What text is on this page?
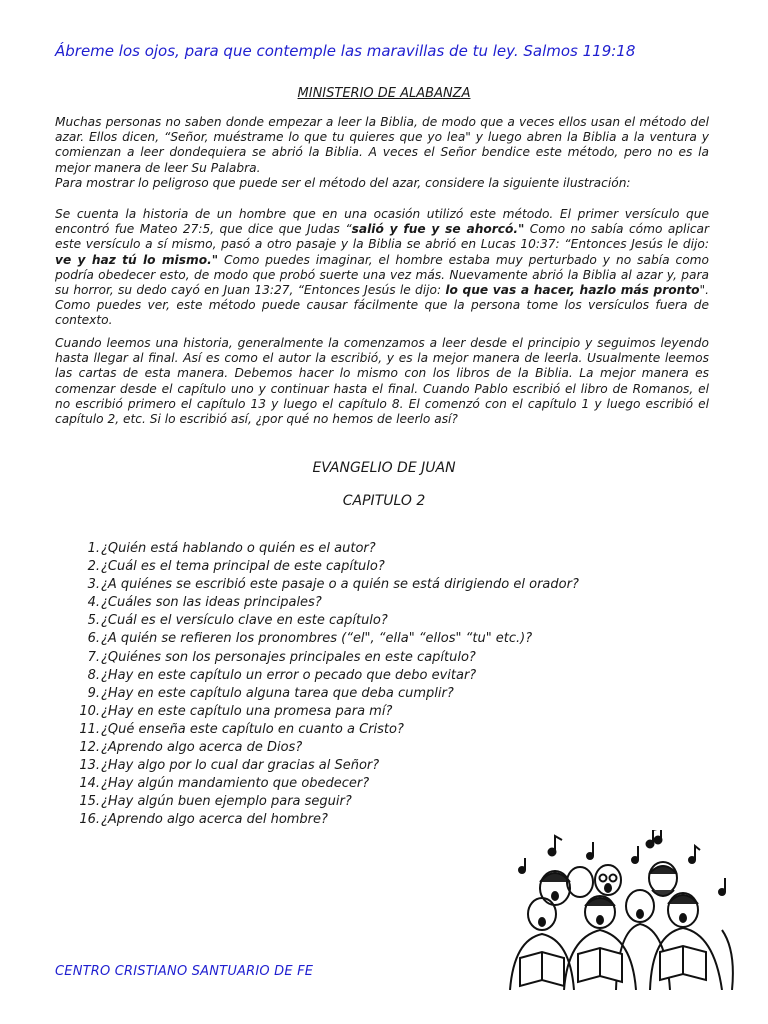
Ábreme los ojos, para que contemple las maravillas de tu ley. Salmos 119:18
MINISTERIO DE ALABANZA

Muchas personas no saben donde empezar a leer la Biblia, de modo que a veces ellos usan el método del azar. Ellos dicen, “Señor, muéstrame lo que tu quieres que yo lea" y luego abren la Biblia a la ventura y comienzan a leer dondequiera se abrió la Biblia. A veces el Señor bendice este método, pero no es la mejor manera de leer Su Palabra.
Para mostrar lo peligroso que puede ser el método del azar, considere la siguiente ilustración:

Se cuenta la historia de un hombre que en una ocasión utilizó este método. El primer versículo que encontró fue Mateo 27:5, que dice que Judas “salió y fue y se ahorcó." Como no sabía cómo aplicar este versículo a sí mismo, pasó a otro pasaje y la Biblia se abrió en Lucas 10:37: “Entonces Jesús le dijo: ve y haz tú lo mismo." Como puedes imaginar, el hombre estaba muy perturbado y no sabía como podría obedecer esto, de modo que probó suerte una vez más. Nuevamente abrió la Biblia al azar y, para su horror, su dedo cayó en Juan 13:27, “Entonces Jesús le dijo: lo que vas a hacer, hazlo más pronto". Como puedes ver, este método puede causar fácilmente que la persona tome los versículos fuera de contexto.

Cuando leemos una historia, generalmente la comenzamos a leer desde el principio y seguimos leyendo hasta llegar al final. Así es como el autor la escribió, y es la mejor manera de leerla. Usualmente leemos las cartas de esta manera. Debemos hacer lo mismo con los libros de la Biblia. La mejor manera es comenzar desde el capítulo uno y continuar hasta el final. Cuando Pablo escribió el libro de Romanos, el no escribió primero el capítulo 13 y luego el capítulo 8. El comenzó con el capítulo 1 y luego escribió el capítulo 2, etc. Si lo escribió así, ¿por qué no hemos de leerlo así?

EVANGELIO DE JUAN
CAPITULO 2
1. ¿Quién está hablando o quién es el autor?
2. ¿Cuál es el tema principal de este capítulo?
3. ¿A quiénes se escribió este pasaje o a quién se está dirigiendo el orador?
4. ¿Cuáles son las ideas principales?
5. ¿Cuál es el versículo clave en este capítulo?
6. ¿A quién se refieren los pronombres (“el", “ella" “ellos" “tu" etc.)?
7. ¿Quiénes son los personajes principales en este capítulo?
8. ¿Hay en este capítulo un error o pecado que debo evitar?
9. ¿Hay en este capítulo alguna tarea que deba cumplir?
10. ¿Hay en este capítulo una promesa para mí?
11. ¿Qué enseña este capítulo en cuanto a Cristo?
12. ¿Aprendo algo acerca de Dios?
13. ¿Hay algo por lo cual dar gracias al Señor?
14. ¿Hay algún mandamiento que obedecer?
15. ¿Hay algún buen ejemplo para seguir?
16. ¿Aprendo algo acerca del hombre?
CENTRO CRISTIANO SANTUARIO DE FE
